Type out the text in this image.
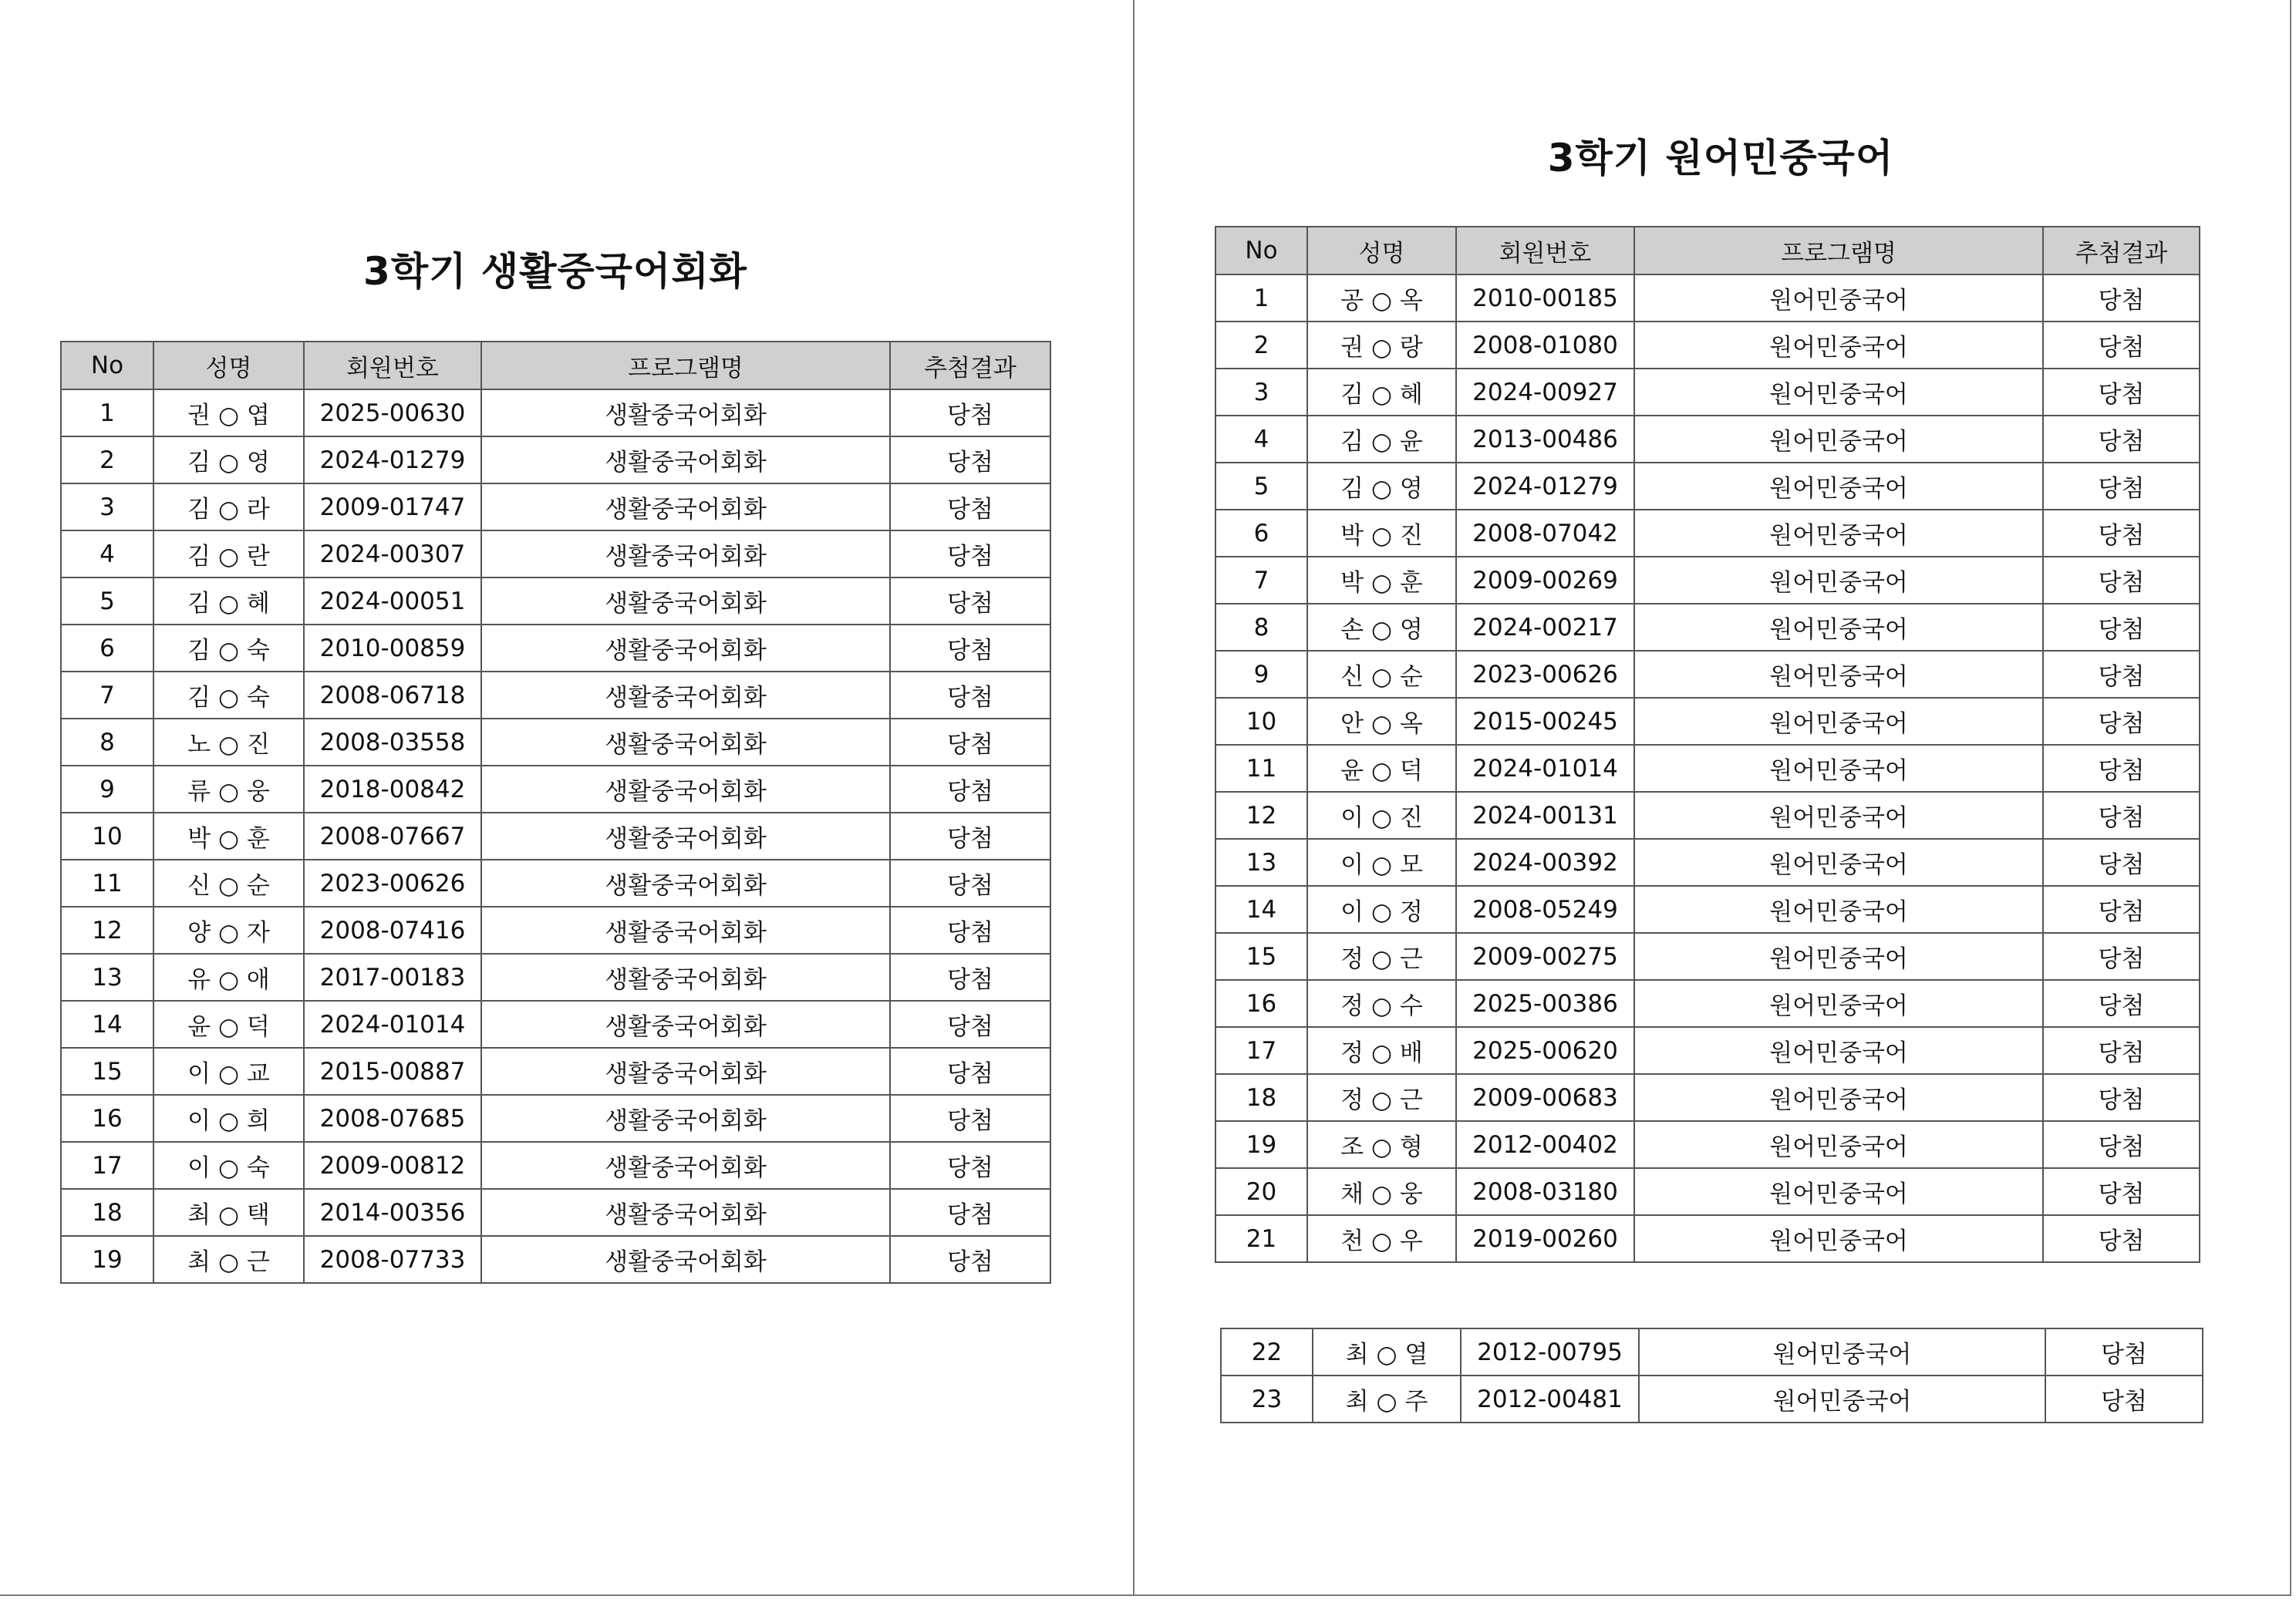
3학기 생활중국어회화
No	성명	회원번호	프로그램명	추첨결과
1	권 ○ 엽	2025-00630	생활중국어회화	당첨
2	김 ○ 영	2024-01279	생활중국어회화	당첨
3	김 ○ 라	2009-01747	생활중국어회화	당첨
4	김 ○ 란	2024-00307	생활중국어회화	당첨
5	김 ○ 혜	2024-00051	생활중국어회화	당첨
6	김 ○ 숙	2010-00859	생활중국어회화	당첨
7	김 ○ 숙	2008-06718	생활중국어회화	당첨
8	노 ○ 진	2008-03558	생활중국어회화	당첨
9	류 ○ 웅	2018-00842	생활중국어회화	당첨
10	박 ○ 훈	2008-07667	생활중국어회화	당첨
11	신 ○ 순	2023-00626	생활중국어회화	당첨
12	양 ○ 자	2008-07416	생활중국어회화	당첨
13	유 ○ 애	2017-00183	생활중국어회화	당첨
14	윤 ○ 덕	2024-01014	생활중국어회화	당첨
15	이 ○ 교	2015-00887	생활중국어회화	당첨
16	이 ○ 희	2008-07685	생활중국어회화	당첨
17	이 ○ 숙	2009-00812	생활중국어회화	당첨
18	최 ○ 택	2014-00356	생활중국어회화	당첨
19	최 ○ 근	2008-07733	생활중국어회화	당첨
3학기 원어민중국어
No	성명	회원번호	프로그램명	추첨결과
1	공 ○ 옥	2010-00185	원어민중국어	당첨
2	권 ○ 랑	2008-01080	원어민중국어	당첨
3	김 ○ 혜	2024-00927	원어민중국어	당첨
4	김 ○ 윤	2013-00486	원어민중국어	당첨
5	김 ○ 영	2024-01279	원어민중국어	당첨
6	박 ○ 진	2008-07042	원어민중국어	당첨
7	박 ○ 훈	2009-00269	원어민중국어	당첨
8	손 ○ 영	2024-00217	원어민중국어	당첨
9	신 ○ 순	2023-00626	원어민중국어	당첨
10	안 ○ 옥	2015-00245	원어민중국어	당첨
11	윤 ○ 덕	2024-01014	원어민중국어	당첨
12	이 ○ 진	2024-00131	원어민중국어	당첨
13	이 ○ 모	2024-00392	원어민중국어	당첨
14	이 ○ 정	2008-05249	원어민중국어	당첨
15	정 ○ 근	2009-00275	원어민중국어	당첨
16	정 ○ 수	2025-00386	원어민중국어	당첨
17	정 ○ 배	2025-00620	원어민중국어	당첨
18	정 ○ 근	2009-00683	원어민중국어	당첨
19	조 ○ 형	2012-00402	원어민중국어	당첨
20	채 ○ 웅	2008-03180	원어민중국어	당첨
21	천 ○ 우	2019-00260	원어민중국어	당첨
22	최 ○ 열	2012-00795	원어민중국어	당첨
23	최 ○ 주	2012-00481	원어민중국어	당첨
